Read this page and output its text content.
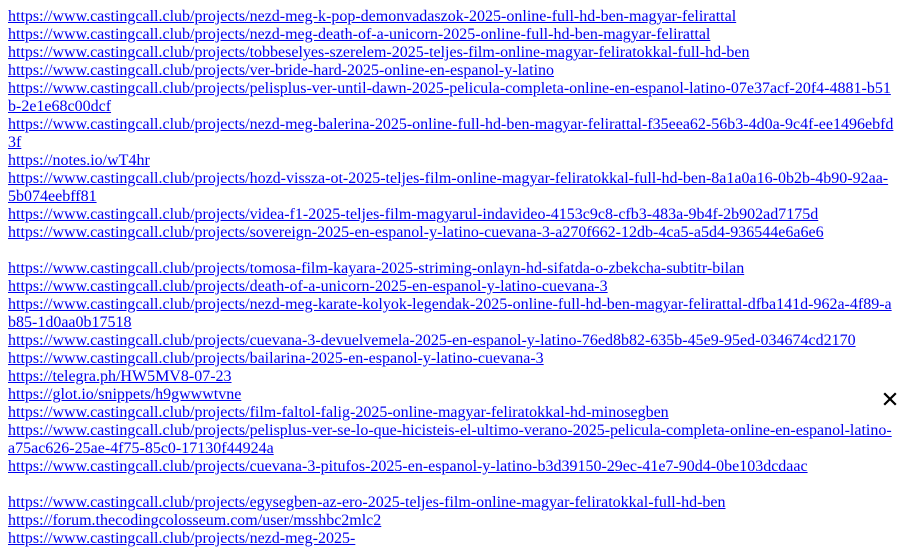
https://www.castingcall.club/projects/nezd-meg-k-pop-demonvadaszok-2025-online-full-hd-ben-magyar-felirattal
https://www.castingcall.club/projects/nezd-meg-death-of-a-unicorn-2025-online-full-hd-ben-magyar-felirattal
https://www.castingcall.club/projects/tobbeselyes-szerelem-2025-teljes-film-online-magyar-feliratokkal-full-hd-ben
https://www.castingcall.club/projects/ver-bride-hard-2025-online-en-espanol-y-latino
https://www.castingcall.club/projects/pelisplus-ver-until-dawn-2025-pelicula-completa-online-en-espanol-latino-07e37acf-20f4-4881-b51b-2e1e68c00dcf
https://www.castingcall.club/projects/nezd-meg-balerina-2025-online-full-hd-ben-magyar-felirattal-f35eea62-56b3-4d0a-9c4f-ee1496ebfd3f
https://notes.io/wT4hr
https://www.castingcall.club/projects/hozd-vissza-ot-2025-teljes-film-online-magyar-feliratokkal-full-hd-ben-8a1a0a16-0b2b-4b90-92aa-5b074eebff81
https://www.castingcall.club/projects/videa-f1-2025-teljes-film-magyarul-indavideo-4153c9c8-cfb3-483a-9b4f-2b902ad7175d
https://www.castingcall.club/projects/sovereign-2025-en-espanol-y-latino-cuevana-3-a270f662-12db-4ca5-a5d4-936544e6a6e6
https://www.castingcall.club/projects/tomosa-film-kayara-2025-striming-onlayn-hd-sifatda-o-zbekcha-subtitr-bilan
https://www.castingcall.club/projects/death-of-a-unicorn-2025-en-espanol-y-latino-cuevana-3
https://www.castingcall.club/projects/nezd-meg-karate-kolyok-legendak-2025-online-full-hd-ben-magyar-felirattal-dfba141d-962a-4f89-ab85-1d0aa0b17518
https://www.castingcall.club/projects/cuevana-3-devuelvemela-2025-en-espanol-y-latino-76ed8b82-635b-45e9-95ed-034674cd2170
https://www.castingcall.club/projects/bailarina-2025-en-espanol-y-latino-cuevana-3
https://telegra.ph/HW5MV8-07-23
https://glot.io/snippets/h9gwwwtvne
https://www.castingcall.club/projects/film-faltol-falig-2025-online-magyar-feliratokkal-hd-minosegben
https://www.castingcall.club/projects/pelisplus-ver-se-lo-que-hicisteis-el-ultimo-verano-2025-pelicula-completa-online-en-espanol-latino-a75ac626-25ae-4f75-85c0-17130f44924a
https://www.castingcall.club/projects/cuevana-3-pitufos-2025-en-espanol-y-latino-b3d39150-29ec-41e7-90d4-0be103dcdaac
https://www.castingcall.club/projects/egysegben-az-ero-2025-teljes-film-online-magyar-feliratokkal-full-hd-ben
https://forum.thecodingcolosseum.com/user/msshbc2mlc2
https://www.castingcall.club/projects/nezd-meg-2025-
